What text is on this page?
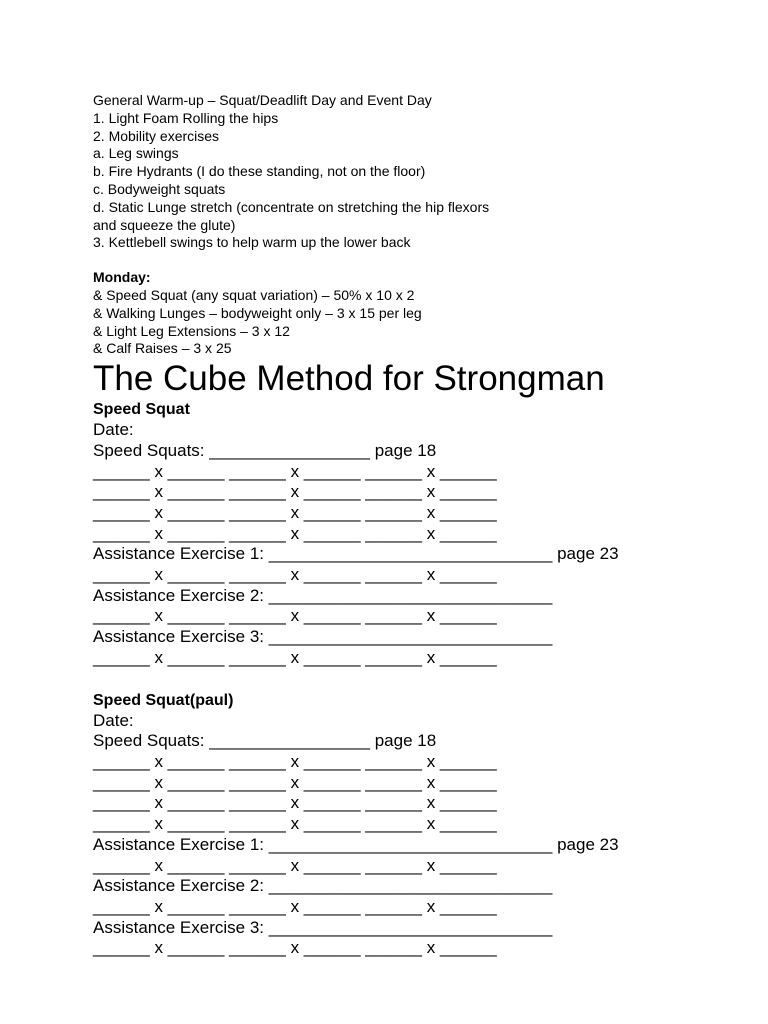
General Warm-up – Squat/Deadlift Day and Event Day
1. Light Foam Rolling the hips
2. Mobility exercises
a. Leg swings
b. Fire Hydrants (I do these standing, not on the floor)
c. Bodyweight squats
d. Static Lunge stretch (concentrate on stretching the hip flexors
and squeeze the glute)
3. Kettlebell swings to help warm up the lower back
Monday:
& Speed Squat (any squat variation) – 50% x 10 x 2
& Walking Lunges – bodyweight only – 3 x 15 per leg
& Light Leg Extensions – 3 x 12
& Calf Raises – 3 x 25
The Cube Method for Strongman
Speed Squat
Date:
Speed Squats: _________________ page 18
______ x ______ ______ x ______ ______ x ______
______ x ______ ______ x ______ ______ x ______
______ x ______ ______ x ______ ______ x ______
______ x ______ ______ x ______ ______ x ______
Assistance Exercise 1: ______________________________ page 23
______ x ______ ______ x ______ ______ x ______
Assistance Exercise 2: ______________________________
______ x ______ ______ x ______ ______ x ______
Assistance Exercise 3: ______________________________
______ x ______ ______ x ______ ______ x ______
Speed Squat(paul)
Date:
Speed Squats: _________________ page 18
______ x ______ ______ x ______ ______ x ______
______ x ______ ______ x ______ ______ x ______
______ x ______ ______ x ______ ______ x ______
______ x ______ ______ x ______ ______ x ______
Assistance Exercise 1: ______________________________ page 23
______ x ______ ______ x ______ ______ x ______
Assistance Exercise 2: ______________________________
______ x ______ ______ x ______ ______ x ______
Assistance Exercise 3: ______________________________
______ x ______ ______ x ______ ______ x ______
